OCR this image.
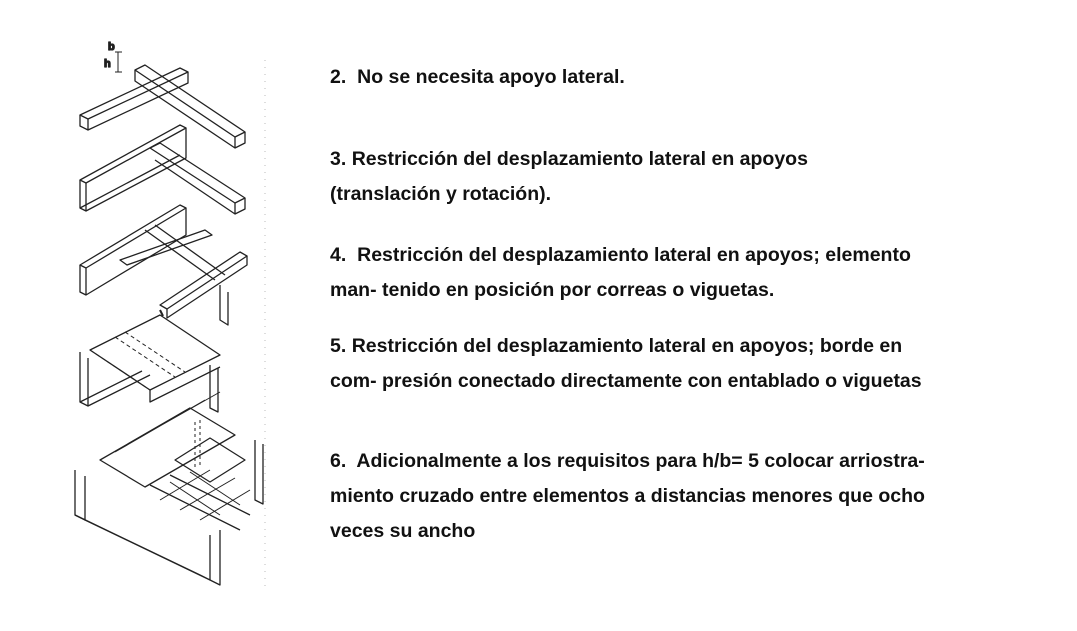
b
h
2. No se necesita apoyo lateral.
3. Restricción del desplazamiento lateral en apoyos
(translación y rotación).
4. Restricción del desplazamiento lateral en apoyos; elemento
man- tenido en posición por correas o viguetas.
5. Restricción del desplazamiento lateral en apoyos; borde en
com- presión conectado directamente con entablado o viguetas
6. Adicionalmente a los requisitos para h/b= 5 colocar arriostra-
miento cruzado entre elementos a distancias menores que ocho
veces su ancho
